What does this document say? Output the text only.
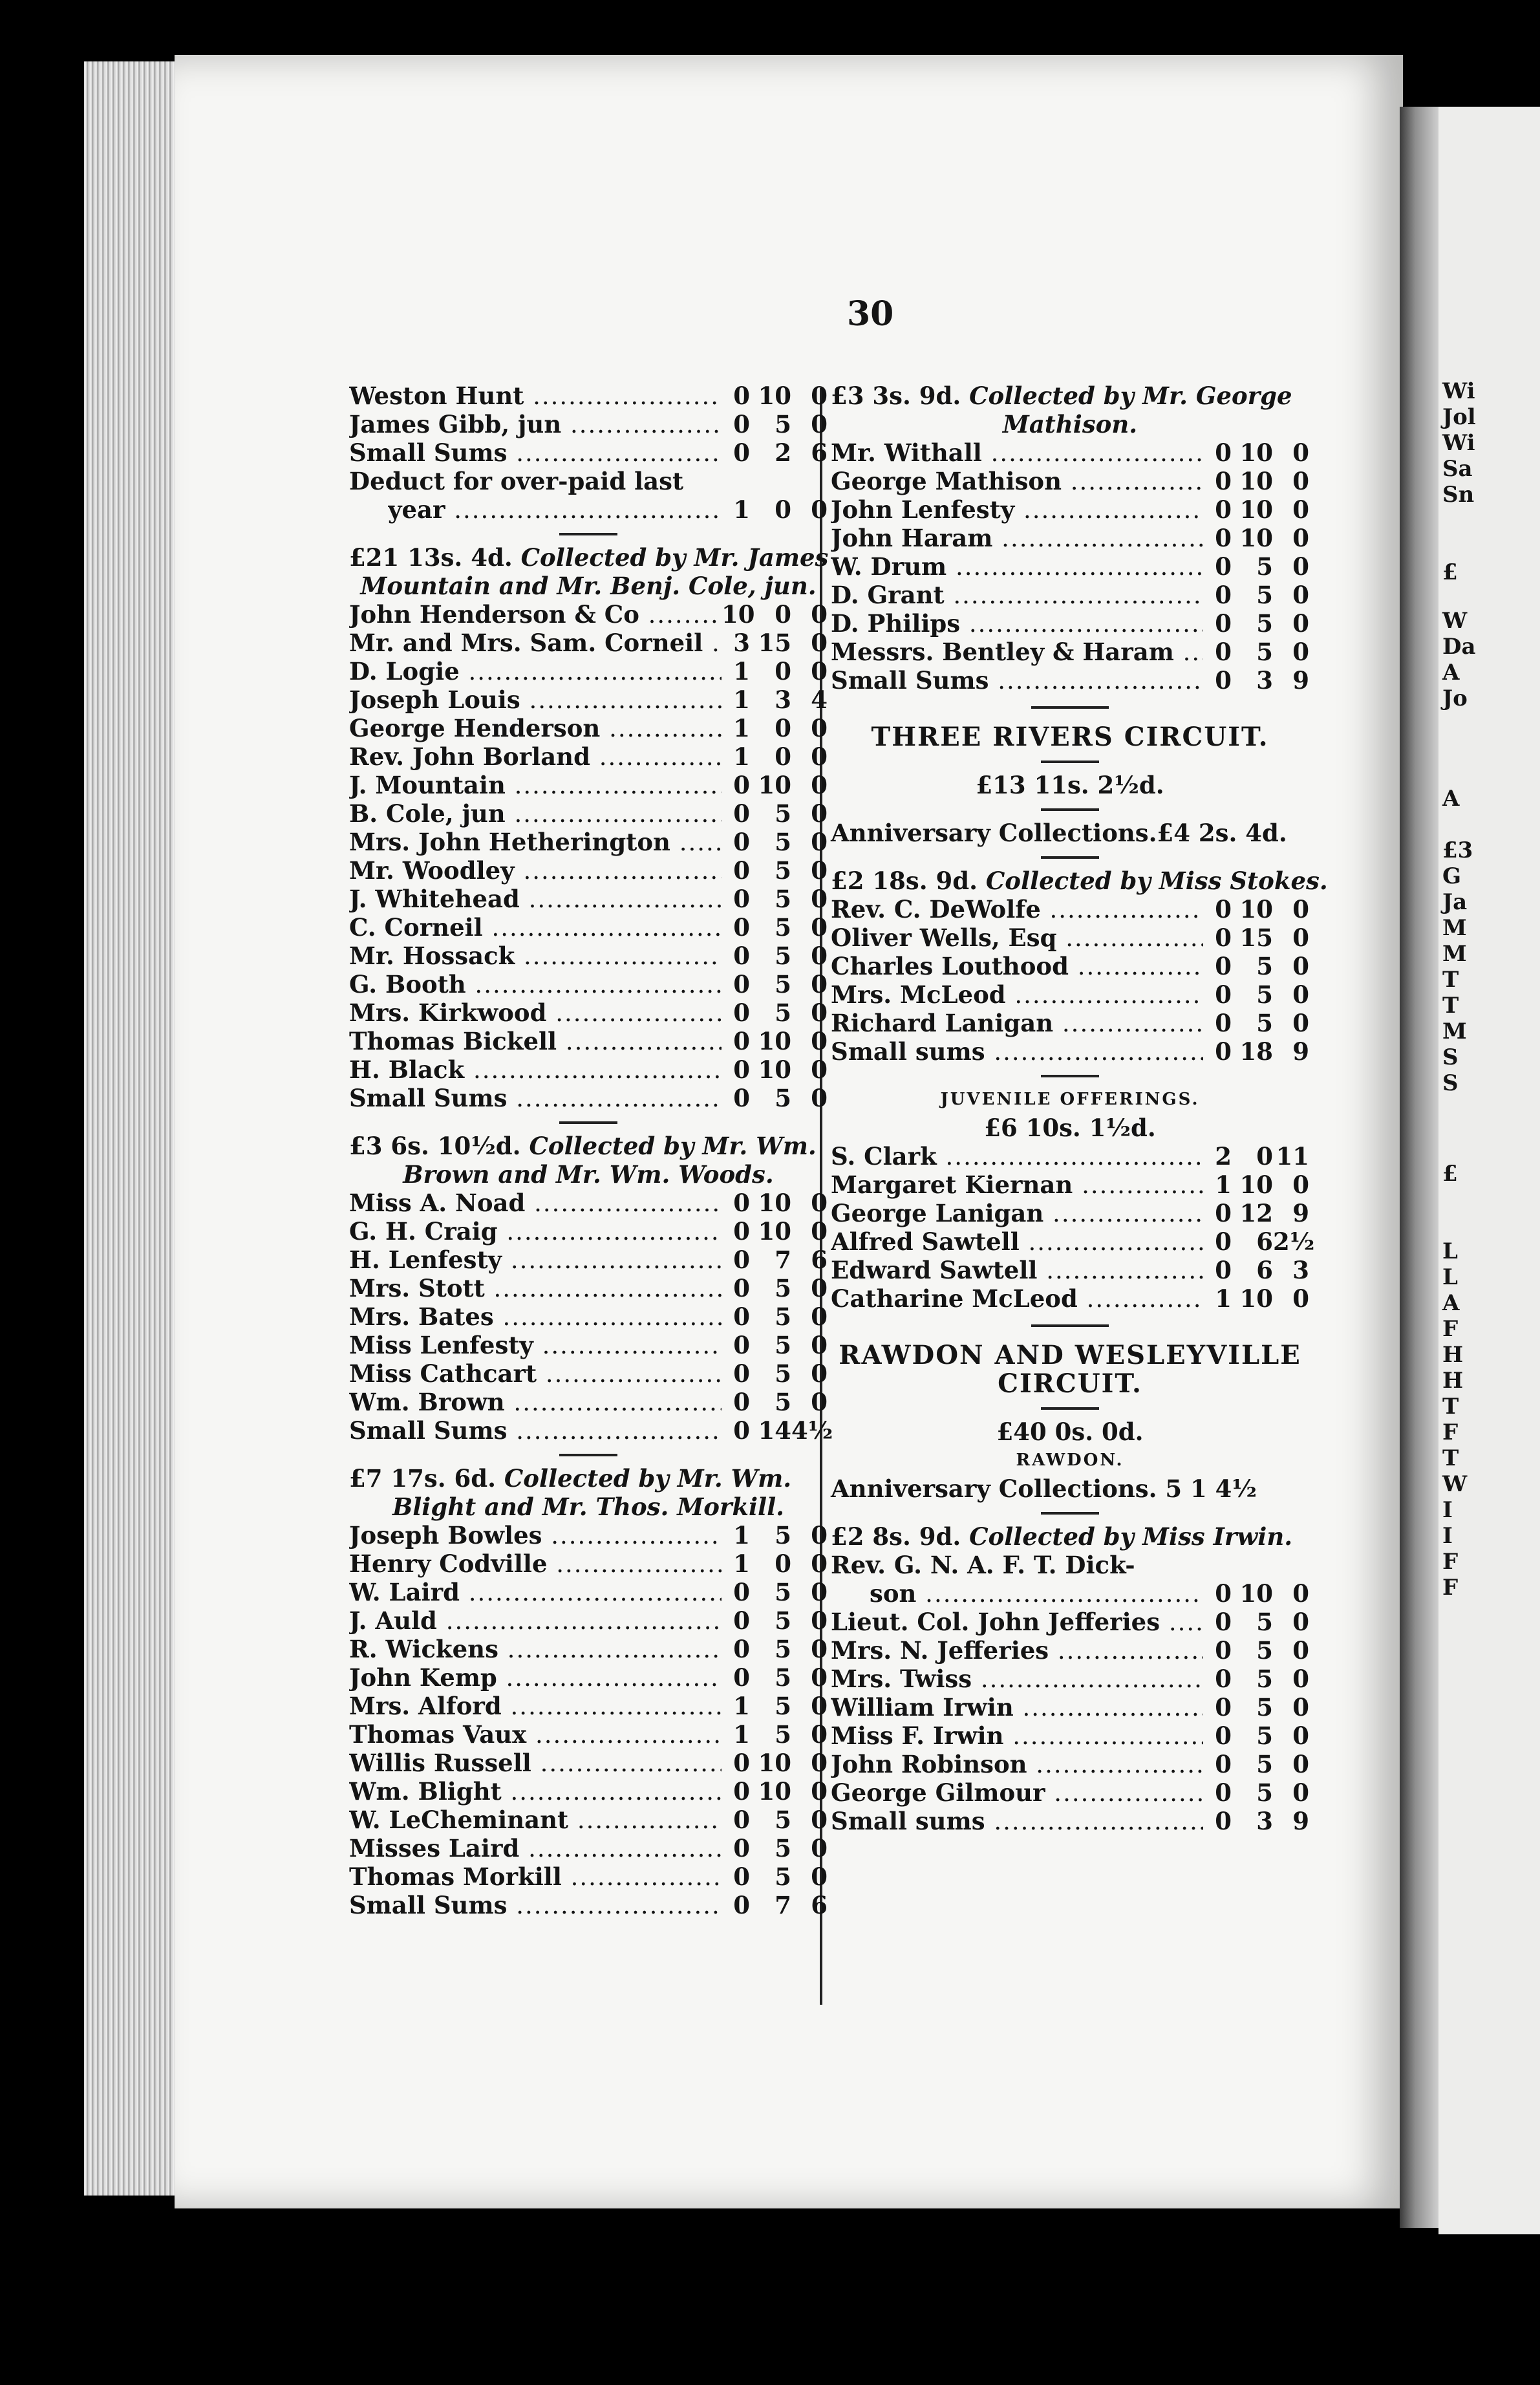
Wi
Jol
Wi
Sa
Sn
£
W
Da
A
Jo
A
£3
G
Ja
M
M
T
T
M
S
S
£
L
L
A
F
H
H
T
F
T
W
I
I
F
F
30
Weston Hunt .....	0 10 0
James Gibb, jun .....	0	5 0
Small Sums .....	0	2 6
Deduct for over-paid last
year .....	1	0 0
£21 13s. 4d. Collected by Mr. James
Mountain and Mr. Benj. Cole, jun.
John Henderson & Co .....	10 0 0
Mr. and Mrs. Sam. Corneil .....	3 15 0
D. Logie .....	1	0 0
Joseph Louis .....	1	3 4
George Henderson .....	1	0 0
Rev. John Borland .....	1	0 0
J. Mountain .....	0 10 0
B. Cole, jun .....	0	5 0
Mrs. John Hetherington .....	0	5 0
Mr. Woodley .....	0	5 0
J. Whitehead .....	0	5 0
C. Corneil .....	0	5 0
Mr. Hossack .....	0	5 0
G. Booth .....	0	5 0
Mrs. Kirkwood .....	0	5 0
Thomas Bickell .....	0 10 0
H. Black .....	0 10 0
Small Sums .....	0	5 0
£3 6s. 10½d. Collected by Mr. Wm.
Brown and Mr. Wm. Woods.
Miss A. Noad .....	0 10 0
G. H. Craig .....	0 10 0
H. Lenfesty .....	0	7 6
Mrs. Stott .....	0	5 0
Mrs. Bates .....	0	5 0
Miss Lenfesty .....	0	5 0
Miss Cathcart .....	0	5 0
Wm. Brown .....	0	5 0
Small Sums .....	0 14 4½
£7 17s. 6d. Collected by Mr. Wm.
Blight and Mr. Thos. Morkill.
Joseph Bowles .....	1	5 0
Henry Codville .....	1	0 0
W. Laird .....	0	5 0
J. Auld .....	0	5 0
R. Wickens .....	0	5 0
John Kemp .....	0	5 0
Mrs. Alford .....	1	5 0
Thomas Vaux .....	1	5 0
Willis Russell .....	0 10 0
Wm. Blight .....	0 10 0
W. LeCheminant .....	0	5 0
Misses Laird .....	0	5 0
Thomas Morkill .....	0	5 0
Small Sums .....	0	7 6
£3 3s. 9d. Collected by Mr. George
Mathison.
Mr. Withall .....	0 10 0
George Mathison .....	0 10 0
John Lenfesty .....	0 10 0
John Haram .....	0 10 0
W. Drum .....	0	5 0
D. Grant .....	0	5 0
D. Philips .....	0	5 0
Messrs. Bentley & Haram .....	0	5 0
Small Sums .....	0	3 9
THREE RIVERS CIRCUIT.
£13 11s. 2½d.
Anniversary Collections.£4 2s. 4d.
£2 18s. 9d. Collected by Miss Stokes.
Rev. C. DeWolfe .....	0 10 0
Oliver Wells, Esq .....	0 15 0
Charles Louthood .....	0	5 0
Mrs. McLeod .....	0	5 0
Richard Lanigan .....	0	5 0
Small sums .....	0 18 9
JUVENILE OFFERINGS.
£6 10s. 1½d.
S. Clark .....	2	0 11
Margaret Kiernan .....	1 10 0
George Lanigan .....	0 12 9
Alfred Sawtell .....	0	6 2½
Edward Sawtell .....	0	6 3
Catharine McLeod .....	1 10 0
RAWDON AND WESLEYVILLE
CIRCUIT.
£40 0s. 0d.
RAWDON.
Anniversary Collections. 5 1 4½
£2 8s. 9d. Collected by Miss Irwin.
Rev. G. N. A. F. T. Dick-
son .....	0 10 0
Lieut. Col. John Jefferies .....	0	5 0
Mrs. N. Jefferies .....	0	5 0
Mrs. Twiss .....	0	5 0
William Irwin .....	0	5 0
Miss F. Irwin .....	0	5 0
John Robinson .....	0	5 0
George Gilmour .....	0	5 0
Small sums .....	0	3 9
